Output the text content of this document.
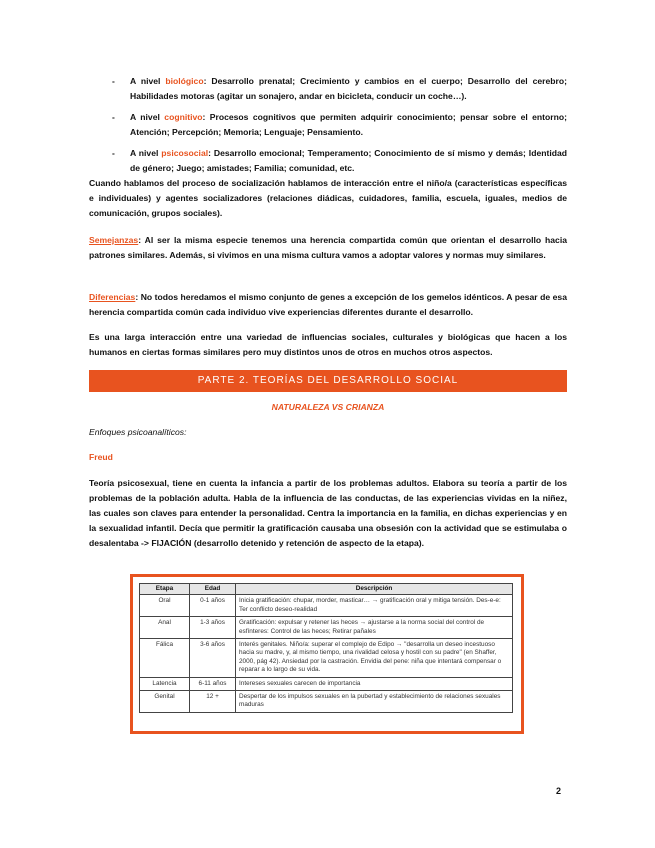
- A nivel biológico: Desarrollo prenatal; Crecimiento y cambios en el cuerpo; Desarrollo del cerebro; Habilidades motoras (agitar un sonajero, andar en bicicleta, conducir un coche…).
- A nivel cognitivo: Procesos cognitivos que permiten adquirir conocimiento; pensar sobre el entorno; Atención; Percepción; Memoria; Lenguaje; Pensamiento.
- A nivel psicosocial: Desarrollo emocional; Temperamento; Conocimiento de sí mismo y demás; Identidad de género; Juego; amistades; Familia; comunidad, etc.

Cuando hablamos del proceso de socialización hablamos de interacción entre el niño/a (características específicas e individuales) y agentes socializadores (relaciones diádicas, cuidadores, familia, escuela, iguales, medios de comunicación, grupos sociales).

Semejanzas: Al ser la misma especie tenemos una herencia compartida común que orientan el desarrollo hacia patrones similares. Además, si vivimos en una misma cultura vamos a adoptar valores y normas muy similares.

Diferencias: No todos heredamos el mismo conjunto de genes a excepción de los gemelos idénticos. A pesar de esa herencia compartida común cada individuo vive experiencias diferentes durante el desarrollo.

Es una larga interacción entre una variedad de influencias sociales, culturales y biológicas que hacen a los humanos en ciertas formas similares pero muy distintos unos de otros en muchos otros aspectos.

PARTE 2. TEORÍAS DEL DESARROLLO SOCIAL
NATURALEZA VS CRIANZA
Enfoques psicoanalíticos:
Freud

Teoría psicosexual, tiene en cuenta la infancia a partir de los problemas adultos. Elabora su teoría a partir de los problemas de la población adulta. Habla de la influencia de las conductas, de las experiencias vividas en la niñez, las cuales son claves para entender la personalidad. Centra la importancia en la familia, en dichas experiencias y en la sexualidad infantil. Decía que permitir la gratificación causaba una obsesión con la actividad que se estimulaba o desalentaba -> FIJACIÓN (desarrollo detenido y retención de aspecto de la etapa).

Etapa	Edad	Descripción
Oral	0-1 años	Inicia gratificación: chupar, morder, masticar… → gratificación oral y mitiga tensión. Des-e-e: Ter conflicto deseo-realidad
Anal	1-3 años	Gratificación: expulsar y retener las heces → ajustarse a la norma social del control de esfínteres: Control de las heces; Retirar pañales
Fálica	3-6 años	Interés genitales. Niño/a: superar el complejo de Edipo → "desarrolla un deseo incestuoso hacia su madre, y, al mismo tiempo, una rivalidad celosa y hostil con su padre" (en Shaffer, 2000, pág 42). Ansiedad por la castración. Envidia del pene: niña que intentará compensar o reparar a lo largo de su vida.
Latencia	6-11 años	Intereses sexuales carecen de importancia
Genital	12 +	Despertar de los impulsos sexuales en la pubertad y establecimiento de relaciones sexuales maduras
2
